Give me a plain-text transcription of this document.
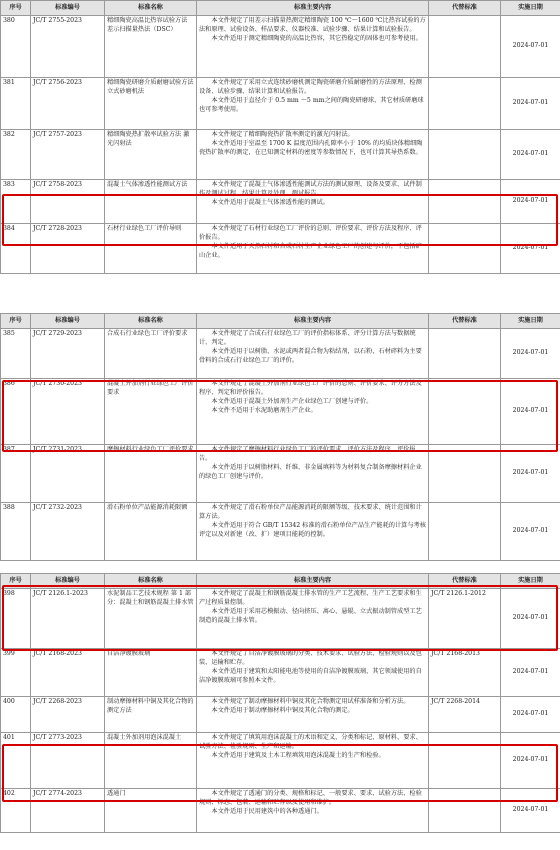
序号	标准编号	标准名称	标准主要内容	代替标准	实施日期
380	JC/T 2755-2023	精细陶瓷高温比热容试验方法 差示扫描量热法（DSC）	本文件规定了用差示扫描量热测定精细陶瓷 100 ℃～1600 ℃比热容试验的方法和原理、试验设备、样品要求、仪器校准、试验步骤、结果计算和试验报告。
本文件适用于测定精细陶瓷的高温比热容，其它热稳定的固体也可参考使用。		2024-07-01
381	JC/T 2756-2023	精细陶瓷研磨介质耐磨试验方法 立式砂磨机法	本文件规定了采用立式连续砂磨机测定陶瓷研磨介质耐磨性的方法原理、检测设备、试验步骤、结果计算和试验报告。
本文件适用于直径介于 0.5 mm ～5 mm之间的陶瓷研磨球，其它材质研磨球也可参考使用。		2024-07-01
382	JC/T 2757-2023	精细陶瓷热扩散率试验方法 激光闪射法	本文件规定了精细陶瓷热扩散率测定的激光闪射法。
本文件适用于室温至 1700 K 温度范围内孔隙率小于 10% 的均质块体精细陶瓷热扩散率的测定，在已知测定材料的密度等参数情况下，也可计算其导热系数。		2024-07-01
383	JC/T 2758-2023	混凝土气体渗透性能测试方法	本文件规定了混凝土气体渗透性能测试方法的测试原理、设备及要求、试件制作及测试过程、结果计算及处理、测试报告。
本文件适用于混凝土气体渗透性能的测试。		2024-07-01
384	JC/T 2728-2023	石材行业绿色工厂评价导则	本文件规定了石材行业绿色工厂评价的总则、评价要求、评价方法及程序、评价报告。
本文件适用于天然石材和合成石材生产企业绿色工厂的创建与评价，不包括矿山企业。		2024-07-01
序号	标准编号	标准名称	标准主要内容	代替标准	实施日期
385	JC/T 2729-2023	合成石行业绿色工厂评价要求	本文件规定了合成石行业绿色工厂的评价指标体系、评分计算方法与数据统计、判定。
本文件适用于以树脂、水泥或两者混合物为粘结剂，以石粉、石材碎料为主要骨料的合成石行业绿色工厂的评价。		2024-07-01
386	JC/T 2730-2023	混凝土外加剂行业绿色工厂评价要求	本文件规定了混凝土外加剂行业绿色工厂评价的总则、评价要求、评分方法及程序、判定和评价报告。
本文件适用于混凝土外加剂生产企业绿色工厂创建与评价。
本文件不适用于水泥助磨剂生产企业。		2024-07-01
387	JC/T 2731-2023	摩擦材料行业绿色工厂评价要求	本文件规定了摩擦材料行业绿色工厂的评价要求、评价方法及程序、评价报告。
本文件适用于以树脂材料、纤维、非金属填料等为材料复合制备摩擦材料企业的绿色工厂创建与评价。		2024-07-01
388	JC/T 2732-2023	滑石粉单位产品能源消耗限额	本文件规定了滑石粉单位产品能源消耗的限额等级、技术要求、统计范围和计算方法。
本文件适用于符合 GB/T 15342 标准的滑石粉单位产品生产能耗的计算与考核评定以及对新建（改、扩）建项目能耗的控制。		2024-07-01
序号	标准编号	标准名称	标准主要内容	代替标准	实施日期
398	JC/T 2126.1-2023	水泥制品工艺技术规程 第 1 部分：混凝土和钢筋混凝土排水管	本文件规定了混凝土和钢筋混凝土排水管的生产工艺流程、生产工艺要求和生产过程质量控制。
本文件适用于采用芯模振动、径向挤压、离心、悬辊、立式振动制管成型工艺制造的混凝土排水管。	JC/T 2126.1-2012	2024-07-01
399	JC/T 2168-2023	自洁净镀膜玻璃	本文件规定了自洁净镀膜玻璃的分类、技术要求、试验方法、检验规则以及包装、运输和贮存。
本文件适用于建筑和太阳能电池等使用的自洁净镀膜玻璃，其它领域使用的自洁净镀膜玻璃可参照本文件。	JC/T 2168-2013	2024-07-01
400	JC/T 2268-2023	制动摩擦材料中铜及其化合物的测定方法	本文件规定了制动摩擦材料中铜及其化合物测定用试样准备和分析方法。
本文件适用于制动摩擦材料中铜及其化合物的测定。	JC/T 2268-2014	2024-07-01
401	JC/T 2773-2023	混凝土外加剂用泡沫混凝土	本文件规定了填筑用泡沫混凝土的术语和定义、分类和标记、原材料、要求、试验方法、检验规则、生产和运输。
本文件适用于建筑及土木工程填筑用泡沫混凝土的生产和检验。		2024-07-01
402	JC/T 2774-2023	透通门	本文件规定了透通门的分类、规格和标记、一般要求、要求、试验方法、检验规则、标志、包装、运输和贮存以及使用和维护。
本文件适用于民用建筑中的各种透通门。		2024-07-01
